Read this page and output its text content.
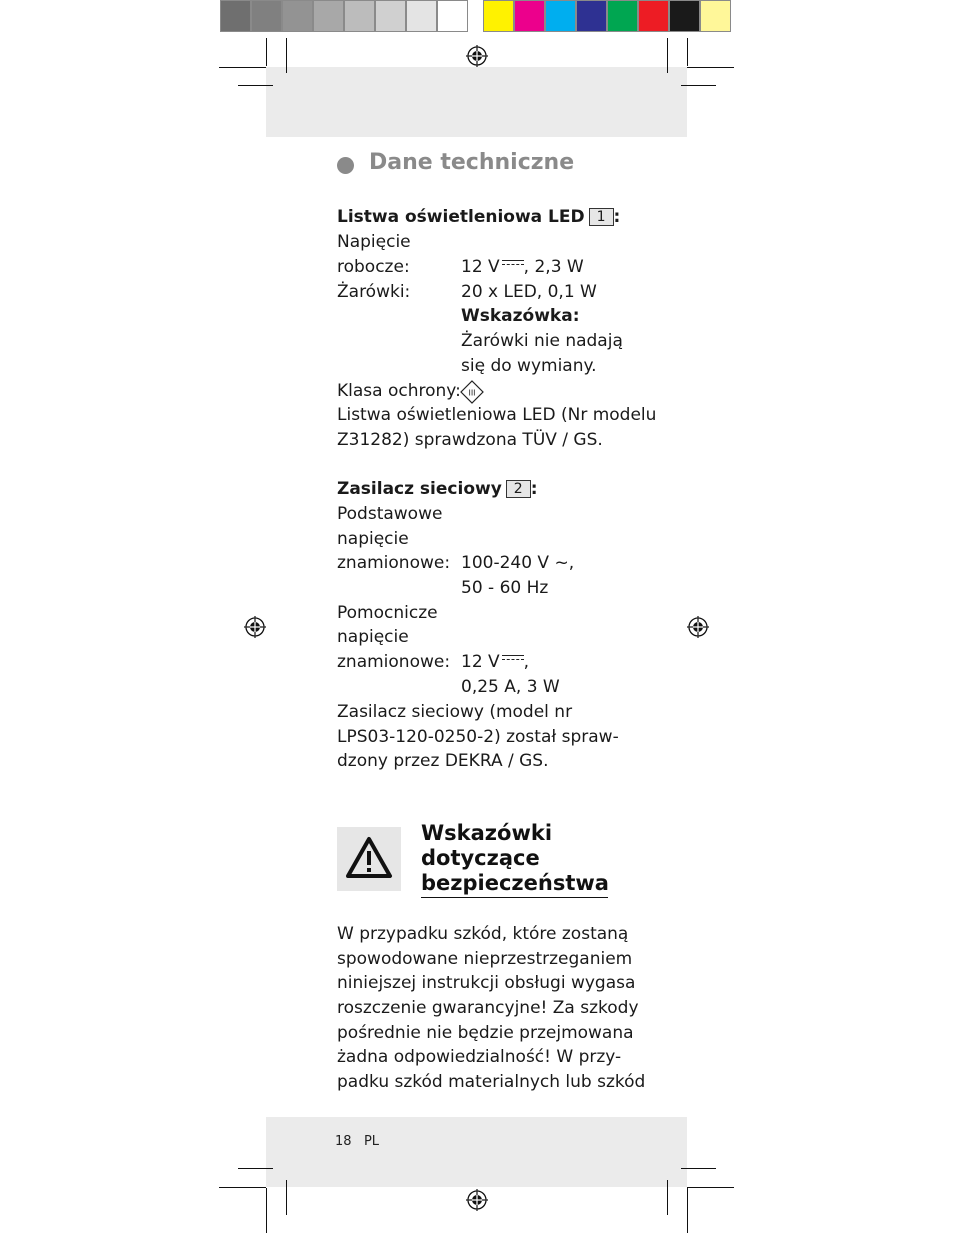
Dane techniczne
Listwa oświetleniowa LED 1 :
Napięcie
robocze:	12 V , 2,3 W
Żarówki:	20 x LED, 0,1 W
Wskazówka:
Żarówki nie nadają
się do wymiany.
Klasa ochrony: III
Listwa oświetleniowa LED (Nr modelu
Z31282) sprawdzona TÜV / GS.
Zasilacz sieciowy 2 :
Podstawowe
napięcie
znamionowe: 100-240 V ~,
50 - 60 Hz
Pomocnicze
napięcie
znamionowe: 12 V ,
0,25 A, 3 W
Zasilacz sieciowy (model nr
LPS03-120-0250-2) został spraw-
dzony przez DEKRA / GS.
Wskazówki
dotyczące
bezpieczeństwa
W przypadku szkód, które zostaną
spowodowane nieprzestrzeganiem
niniejszej instrukcji obsługi wygasa
roszczenie gwarancyjne! Za szkody
pośrednie nie będzie przejmowana
żadna odpowiedzialność! W przy-
padku szkód materialnych lub szkód
18 PL
